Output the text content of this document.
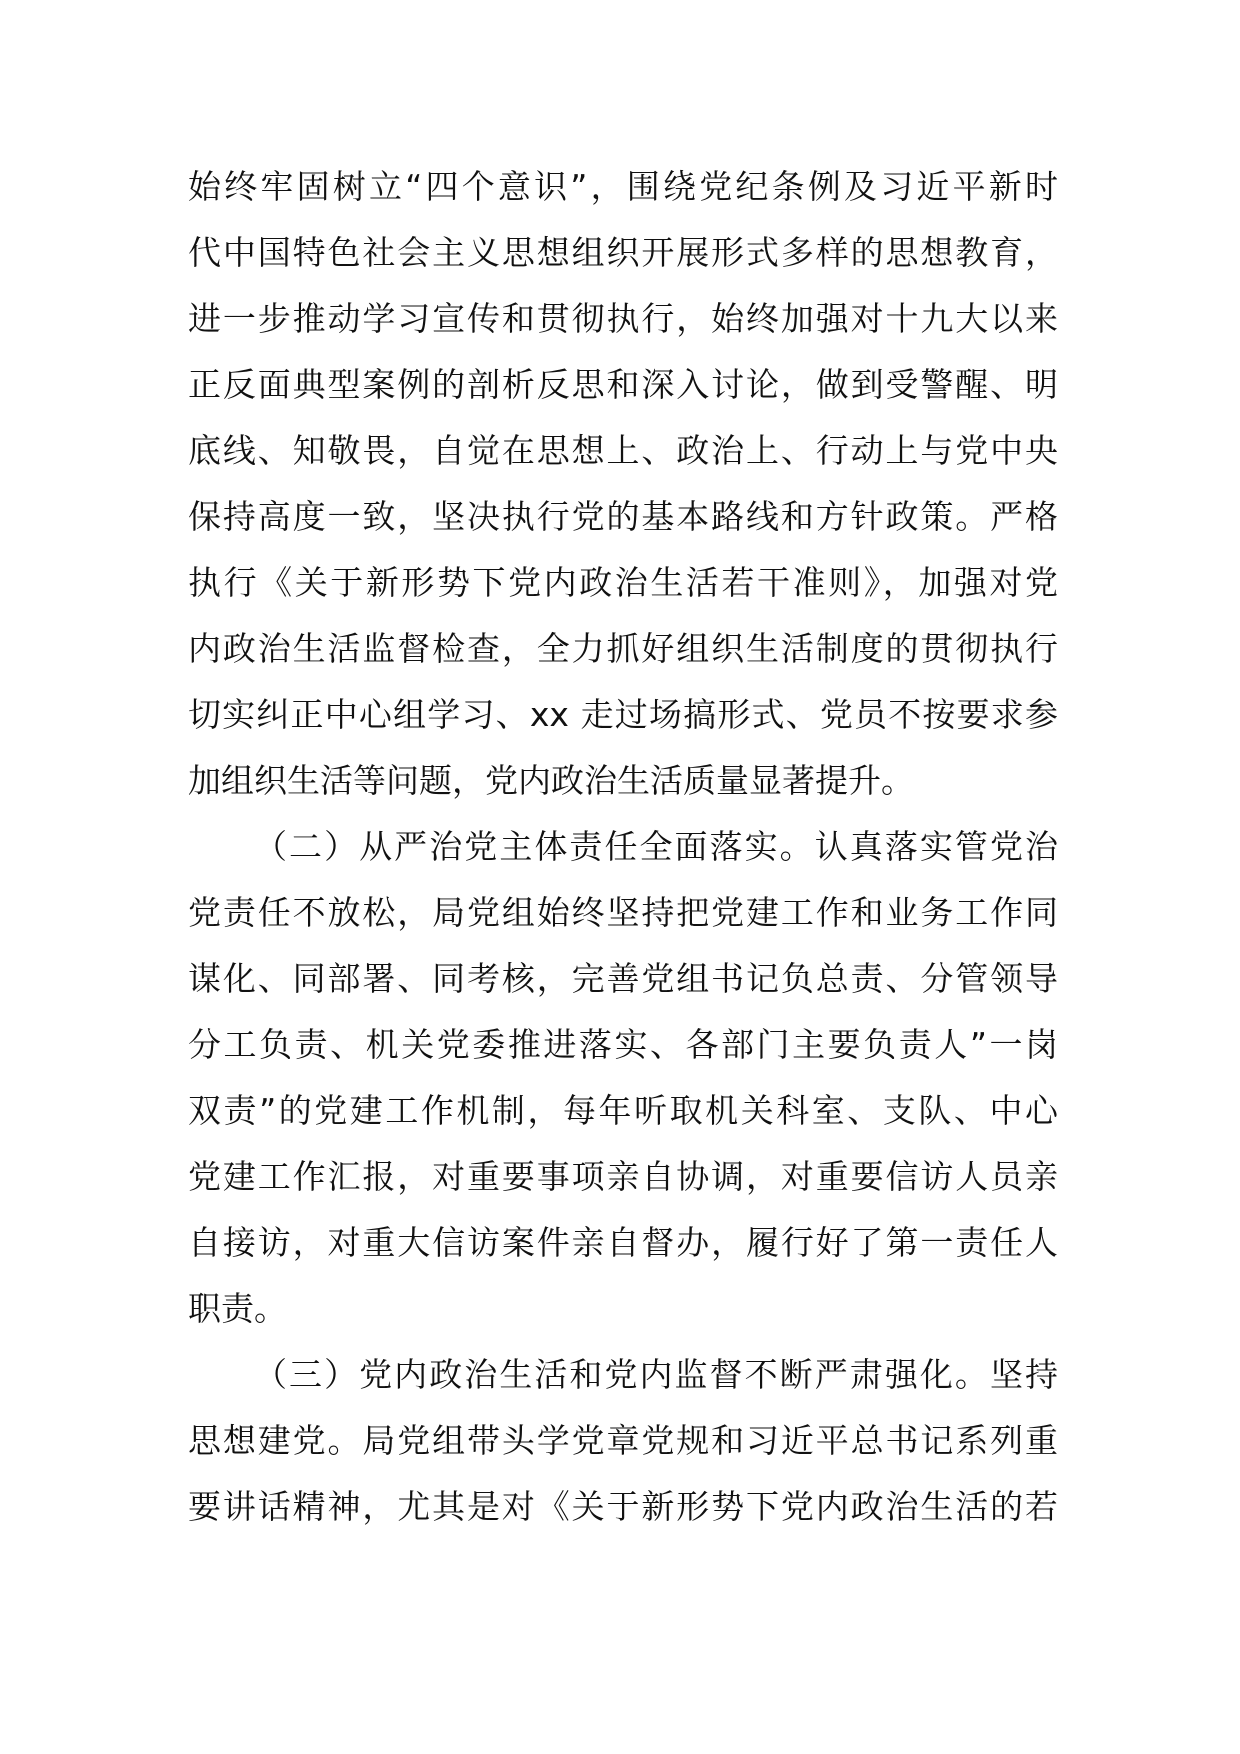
始终牢固树立“四个意识”，围绕党纪条例及习近平新时
代中国特色社会主义思想组织开展形式多样的思想教育，
进一步推动学习宣传和贯彻执行，始终加强对十九大以来
正反面典型案例的剖析反思和深入讨论，做到受警醒、明
底线、知敬畏，自觉在思想上、政治上、行动上与党中央
保持高度一致，坚决执行党的基本路线和方针政策。严格
执行《关于新形势下党内政治生活若干准则》，加强对党
内政治生活监督检查，全力抓好组织生活制度的贯彻执行
切实纠正中心组学习、xx 走过场搞形式、党员不按要求参
加组织生活等问题，党内政治生活质量显著提升。
（二）从严治党主体责任全面落实。认真落实管党治
党责任不放松，局党组始终坚持把党建工作和业务工作同
谋化、同部署、同考核，完善党组书记负总责、分管领导
分工负责、机关党委推进落实、各部门主要负责人”一岗
双责”的党建工作机制，每年听取机关科室、支队、中心
党建工作汇报，对重要事项亲自协调，对重要信访人员亲
自接访，对重大信访案件亲自督办，履行好了第一责任人
职责。
（三）党内政治生活和党内监督不断严肃强化。坚持
思想建党。局党组带头学党章党规和习近平总书记系列重
要讲话精神，尤其是对《关于新形势下党内政治生活的若
